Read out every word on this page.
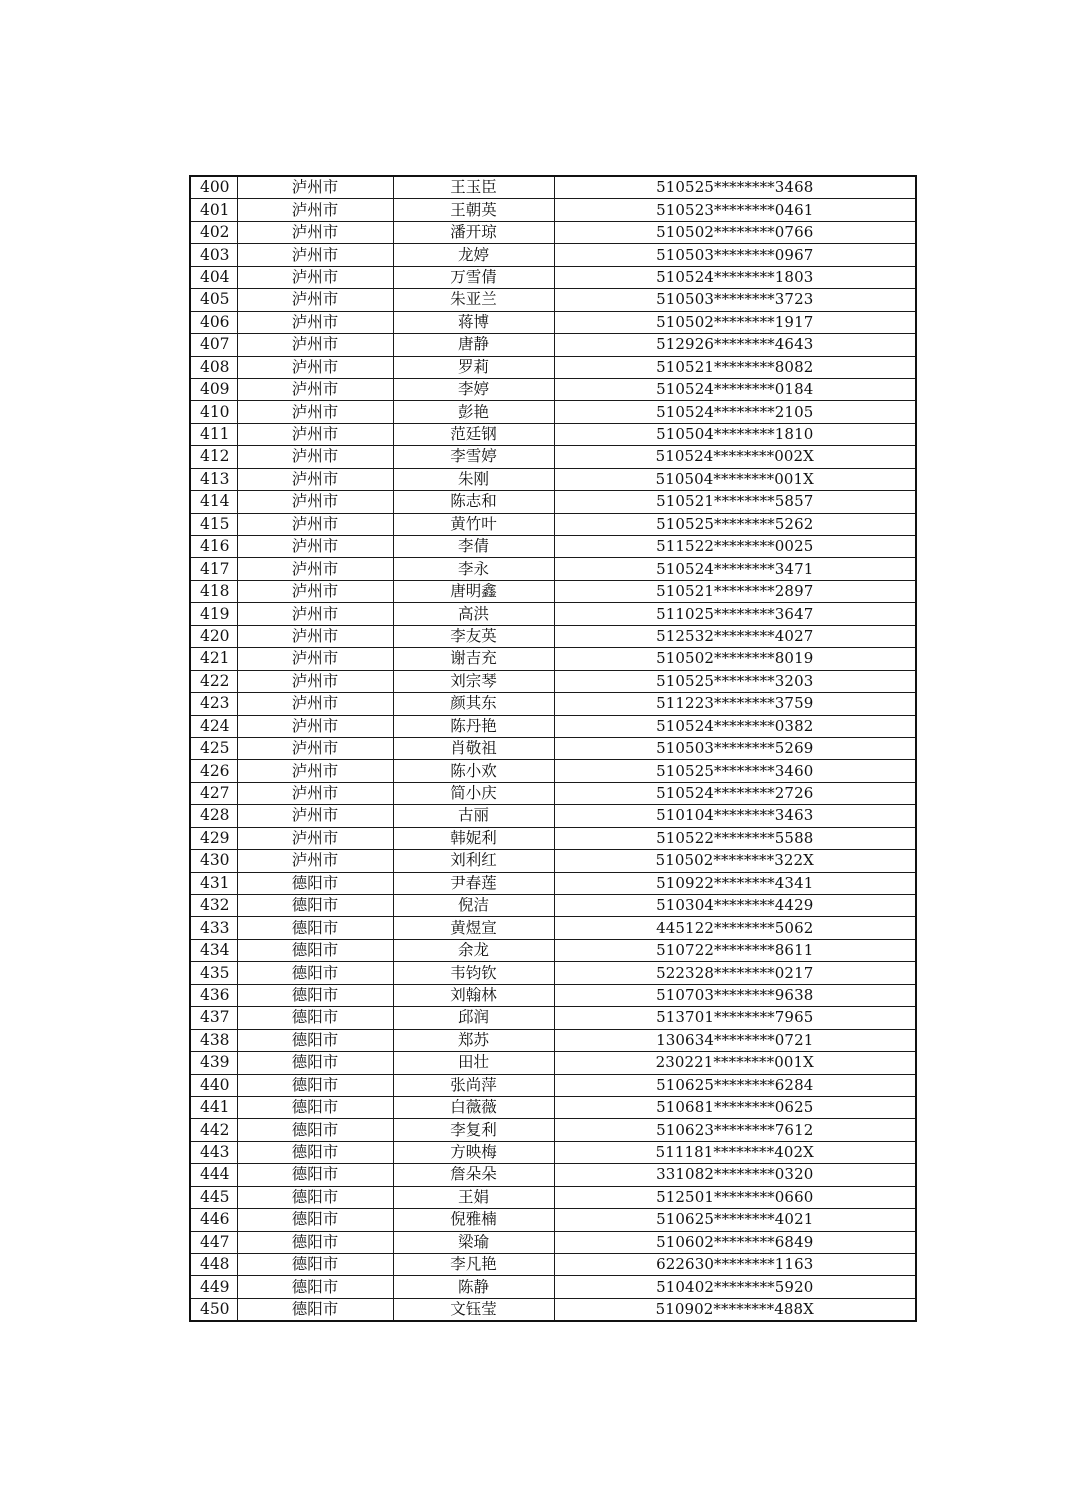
400	泸州市	王玉臣	510525********3468
401	泸州市	王朝英	510523********0461
402	泸州市	潘开琼	510502********0766
403	泸州市	龙婷	510503********0967
404	泸州市	万雪倩	510524********1803
405	泸州市	朱亚兰	510503********3723
406	泸州市	蒋博	510502********1917
407	泸州市	唐静	512926********4643
408	泸州市	罗莉	510521********8082
409	泸州市	李婷	510524********0184
410	泸州市	彭艳	510524********2105
411	泸州市	范廷钢	510504********1810
412	泸州市	李雪婷	510524********002X
413	泸州市	朱刚	510504********001X
414	泸州市	陈志和	510521********5857
415	泸州市	黄竹叶	510525********5262
416	泸州市	李倩	511522********0025
417	泸州市	李永	510524********3471
418	泸州市	唐明鑫	510521********2897
419	泸州市	高洪	511025********3647
420	泸州市	李友英	512532********4027
421	泸州市	谢吉充	510502********8019
422	泸州市	刘宗琴	510525********3203
423	泸州市	颜其东	511223********3759
424	泸州市	陈丹艳	510524********0382
425	泸州市	肖敬祖	510503********5269
426	泸州市	陈小欢	510525********3460
427	泸州市	简小庆	510524********2726
428	泸州市	古丽	510104********3463
429	泸州市	韩妮利	510522********5588
430	泸州市	刘利红	510502********322X
431	德阳市	尹春莲	510922********4341
432	德阳市	倪洁	510304********4429
433	德阳市	黄煜宣	445122********5062
434	德阳市	余龙	510722********8611
435	德阳市	韦钧钦	522328********0217
436	德阳市	刘翰林	510703********9638
437	德阳市	邱润	513701********7965
438	德阳市	郑苏	130634********0721
439	德阳市	田壮	230221********001X
440	德阳市	张尚萍	510625********6284
441	德阳市	白薇薇	510681********0625
442	德阳市	李复利	510623********7612
443	德阳市	方映梅	511181********402X
444	德阳市	詹朵朵	331082********0320
445	德阳市	王娟	512501********0660
446	德阳市	倪雅楠	510625********4021
447	德阳市	梁瑜	510602********6849
448	德阳市	李凡艳	622630********1163
449	德阳市	陈静	510402********5920
450	德阳市	文钰莹	510902********488X
